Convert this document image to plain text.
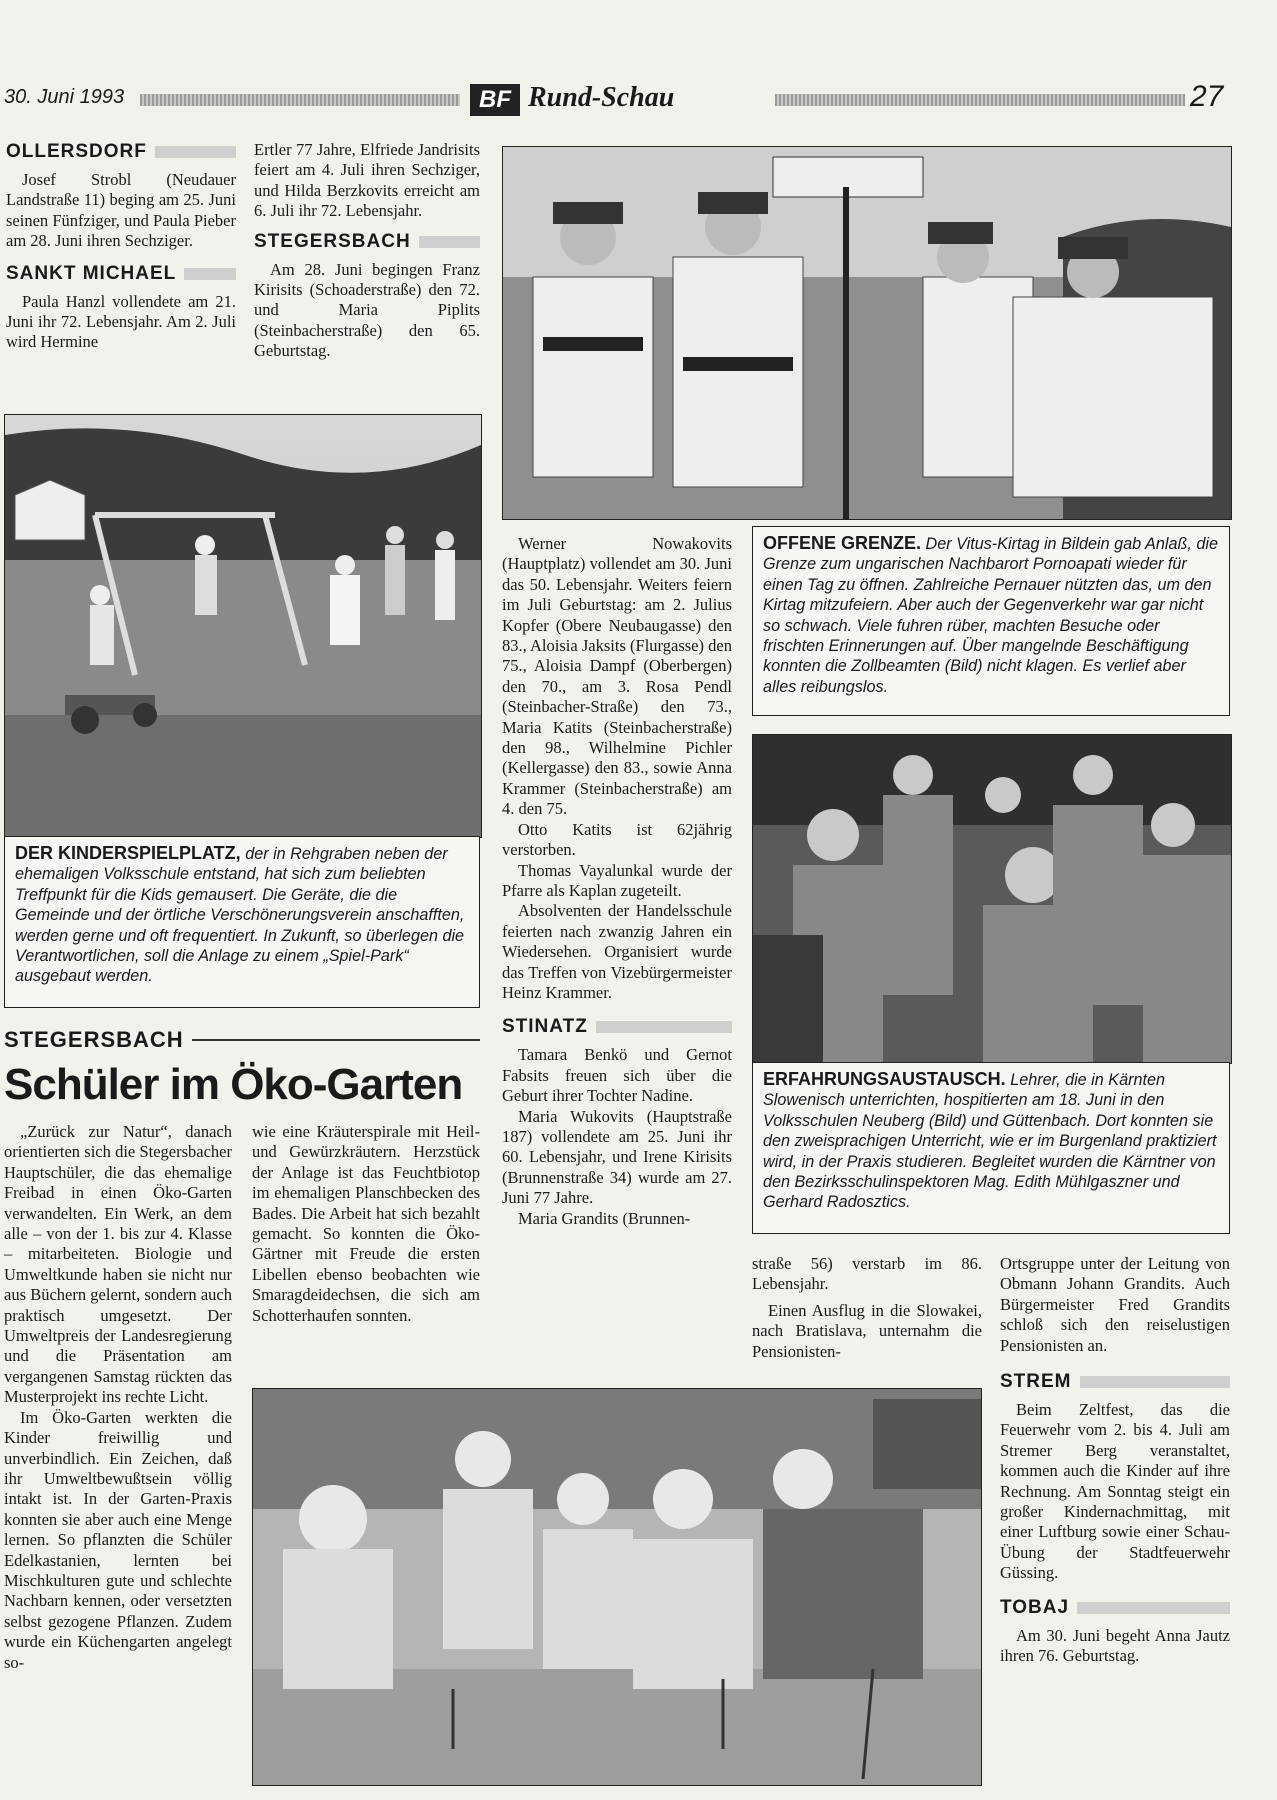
30. Juni 1993	BF Rund-Schau	27
OLLERSDORF

Josef Strobl (Neudauer Landstraße 11) beging am 25. Juni seinen Fünfziger, und Paula Pieber am 28. Juni ihren Sechziger.

SANKT MICHAEL

Paula Hanzl vollendete am 21. Juni ihr 72. Lebensjahr. Am 2. Juli wird Hermine

Ertler 77 Jahre, Elfriede Jandrisits feiert am 4. Juli ihren Sechziger, und Hilda Berzkovits erreicht am 6. Juli ihr 72. Lebensjahr.

STEGERSBACH

Am 28. Juni begingen Franz Kirisits (Schoaderstraße) den 72. und Maria Piplits (Steinbacherstraße) den 65. Geburtstag.

DER KINDERSPIELPLATZ, der in Rehgraben neben der ehemaligen Volksschule entstand, hat sich zum beliebten Treffpunkt für die Kids gemausert. Die Geräte, die die Gemeinde und der örtliche Verschönerungsverein anschafften, werden gerne und oft frequentiert. In Zukunft, so überlegen die Verantwortlichen, soll die Anlage zu einem „Spiel-Park“ ausgebaut werden.
STEGERSBACH
Schüler im Öko-Garten

„Zurück zur Natur“, danach orientierten sich die Stegersbacher Hauptschüler, die das ehemalige Freibad in einen Öko-Garten verwandelten. Ein Werk, an dem alle – von der 1. bis zur 4. Klasse – mitarbeiteten. Biologie und Umweltkunde haben sie nicht nur aus Büchern gelernt, sondern auch praktisch umgesetzt. Der Umweltpreis der Landesregierung und die Präsentation am vergangenen Samstag rückten das Musterprojekt ins rechte Licht.

Im Öko-Garten werkten die Kinder freiwillig und unverbindlich. Ein Zeichen, daß ihr Umweltbewußtsein völlig intakt ist. In der Garten-Praxis konnten sie aber auch eine Menge lernen. So pflanzten die Schüler Edelkastanien, lernten bei Mischkulturen gute und schlechte Nachbarn kennen, oder versetzten selbst gezogene Pflanzen. Zudem wurde ein Küchengarten angelegt so-

wie eine Kräuterspirale mit Heil- und Gewürzkräutern. Herzstück der Anlage ist das Feuchtbiotop im ehemaligen Planschbecken des Bades. Die Arbeit hat sich bezahlt gemacht. So konnten die Öko-Gärtner mit Freude die ersten Libellen ebenso beobachten wie Smaragdeidechsen, die sich am Schotterhaufen sonnten.

Werner Nowakovits (Hauptplatz) vollendet am 30. Juni das 50. Lebensjahr. Weiters feiern im Juli Geburtstag: am 2. Julius Kopfer (Obere Neubaugasse) den 83., Aloisia Jaksits (Flurgasse) den 75., Aloisia Dampf (Oberbergen) den 70., am 3. Rosa Pendl (Steinbacher-Straße) den 73., Maria Katits (Steinbacherstraße) den 98., Wilhelmine Pichler (Kellergasse) den 83., sowie Anna Krammer (Steinbacherstraße) am 4. den 75.

Otto Katits ist 62jährig verstorben.

Thomas Vayalunkal wurde der Pfarre als Kaplan zugeteilt.

Absolventen der Handelsschule feierten nach zwanzig Jahren ein Wiedersehen. Organisiert wurde das Treffen von Vizebürgermeister Heinz Krammer.

STINATZ

Tamara Benkö und Gernot Fabsits freuen sich über die Geburt ihrer Tochter Nadine.

Maria Wukovits (Hauptstraße 187) vollendete am 25. Juni ihr 60. Lebensjahr, und Irene Kirisits (Brunnenstraße 34) wurde am 27. Juni 77 Jahre.

Maria Grandits (Brunnen-

OFFENE GRENZE. Der Vitus-Kirtag in Bildein gab Anlaß, die Grenze zum ungarischen Nachbarort Pornoapati wieder für einen Tag zu öffnen. Zahlreiche Pernauer nützten das, um den Kirtag mitzufeiern. Aber auch der Gegenverkehr war gar nicht so schwach. Viele fuhren rüber, machten Besuche oder frischten Erinnerungen auf. Über mangelnde Beschäftigung konnten die Zollbeamten (Bild) nicht klagen. Es verlief aber alles reibungslos.
ERFAHRUNGSAUSTAUSCH. Lehrer, die in Kärnten Slowenisch unterrichten, hospitierten am 18. Juni in den Volksschulen Neuberg (Bild) und Güttenbach. Dort konnten sie den zweisprachigen Unterricht, wie er im Burgenland praktiziert wird, in der Praxis studieren. Begleitet wurden die Kärntner von den Bezirksschulinspektoren Mag. Edith Mühlgaszner und Gerhard Radosztics.

straße 56) verstarb im 86. Lebensjahr.

Einen Ausflug in die Slowakei, nach Bratislava, unternahm die Pensionisten-

Ortsgruppe unter der Leitung von Obmann Johann Grandits. Auch Bürgermeister Fred Grandits schloß sich den reiselustigen Pensionisten an.

STREM

Beim Zeltfest, das die Feuerwehr vom 2. bis 4. Juli am Stremer Berg veranstaltet, kommen auch die Kinder auf ihre Rechnung. Am Sonntag steigt ein großer Kindernachmittag, mit einer Luftburg sowie einer Schau-Übung der Stadtfeuerwehr Güssing.

TOBAJ

Am 30. Juni begeht Anna Jautz ihren 76. Geburtstag.
